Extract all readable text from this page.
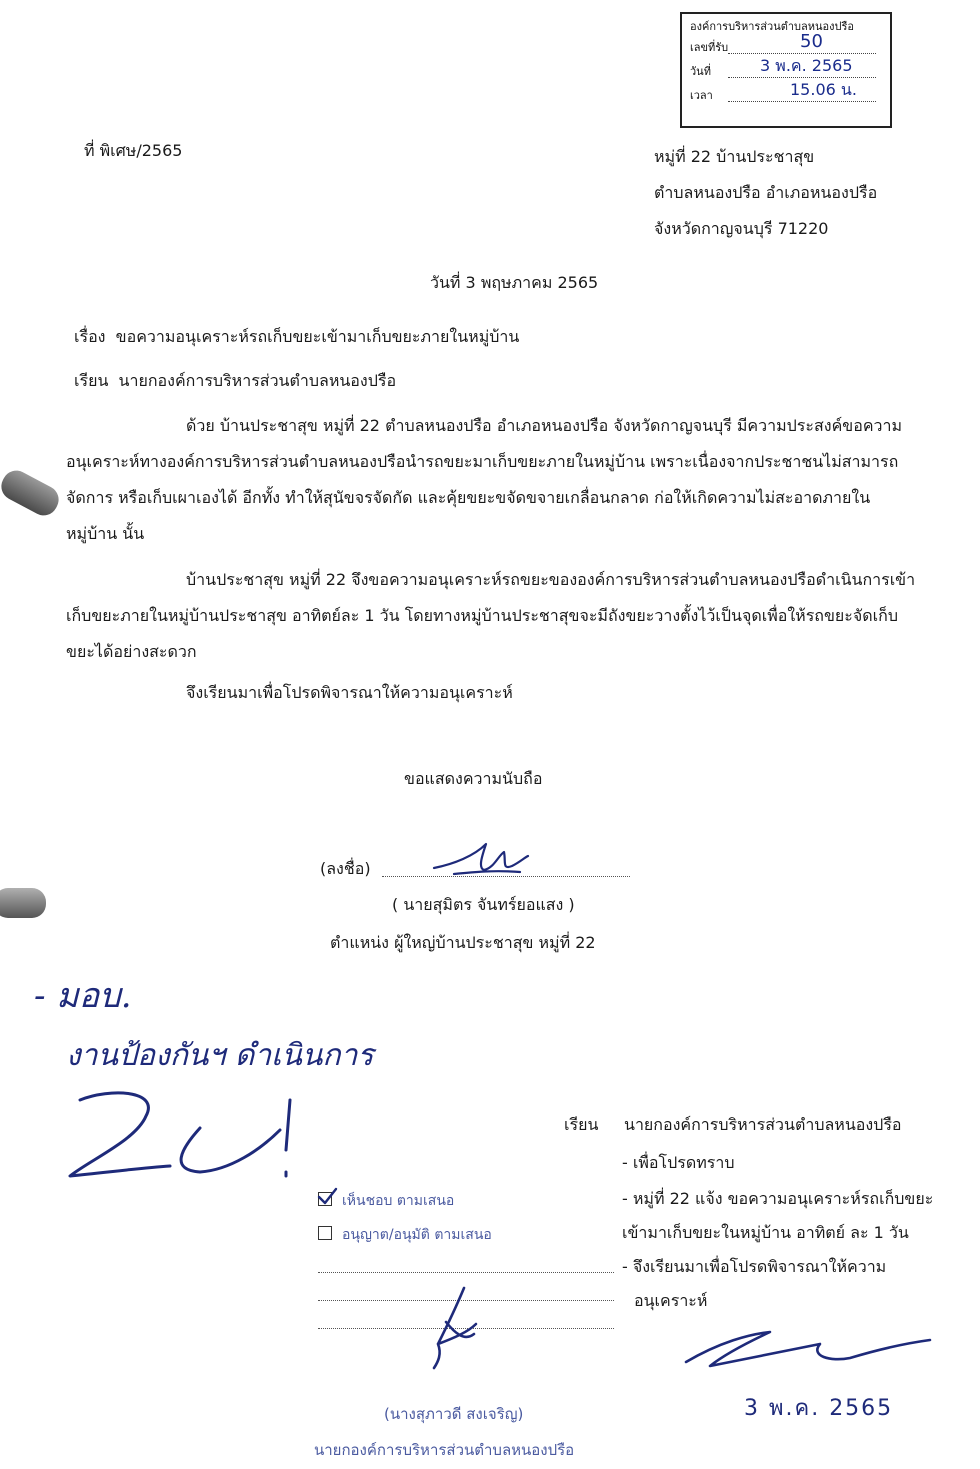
องค์การบริหารส่วนตำบลหนองปรือ
เลขที่รับ	50
วันที่	3 พ.ค. 2565
เวลา	15.06 น.
ที่ พิเศษ/2565	หมู่ที่ 22 บ้านประชาสุข
ตำบลหนองปรือ อำเภอหนองปรือ
จังหวัดกาญจนบุรี 71220
วันที่ 3 พฤษภาคม 2565
เรื่อง ขอความอนุเคราะห์รถเก็บขยะเข้ามาเก็บขยะภายในหมู่บ้าน
เรียน นายกองค์การบริหารส่วนตำบลหนองปรือ
ด้วย บ้านประชาสุข หมู่ที่ 22 ตำบลหนองปรือ อำเภอหนองปรือ จังหวัดกาญจนบุรี มีความประสงค์ขอความอนุเคราะห์ทางองค์การบริหารส่วนตำบลหนองปรือนำรถขยะมาเก็บขยะภายในหมู่บ้าน เพราะเนื่องจากประชาชนไม่สามารถจัดการ หรือเก็บเผาเองได้ อีกทั้ง ทำให้สุนัขจรจัดกัด และคุ้ยขยะขจัดขจายเกลื่อนกลาด ก่อให้เกิดความไม่สะอาดภายในหมู่บ้าน นั้น
บ้านประชาสุข หมู่ที่ 22 จึงขอความอนุเคราะห์รถขยะขององค์การบริหารส่วนตำบลหนองปรือดำเนินการเข้าเก็บขยะภายในหมู่บ้านประชาสุข อาทิตย์ละ 1 วัน โดยทางหมู่บ้านประชาสุขจะมีถังขยะวางตั้งไว้เป็นจุดเพื่อให้รถขยะจัดเก็บขยะได้อย่างสะดวก
จึงเรียนมาเพื่อโปรดพิจารณาให้ความอนุเคราะห์
ขอแสดงความนับถือ
(ลงชื่อ)
( นายสุมิตร จันทร์ยอแสง )
ตำแหน่ง ผู้ใหญ่บ้านประชาสุข หมู่ที่ 22
- มอบ.
งานป้องกันฯ ดำเนินการ
เห็นชอบ ตามเสนอ
อนุญาต/อนุมัติ ตามเสนอ
(นางสุภาวดี สงเจริญ)
นายกองค์การบริหารส่วนตำบลหนองปรือ
เรียน นายกองค์การบริหารส่วนตำบลหนองปรือ
- เพื่อโปรดทราบ
- หมู่ที่ 22 แจ้ง ขอความอนุเคราะห์รถเก็บขยะ
เข้ามาเก็บขยะในหมู่บ้าน อาทิตย์ ละ 1 วัน
- จึงเรียนมาเพื่อโปรดพิจารณาให้ความ
อนุเคราะห์
3 พ.ค. 2565
